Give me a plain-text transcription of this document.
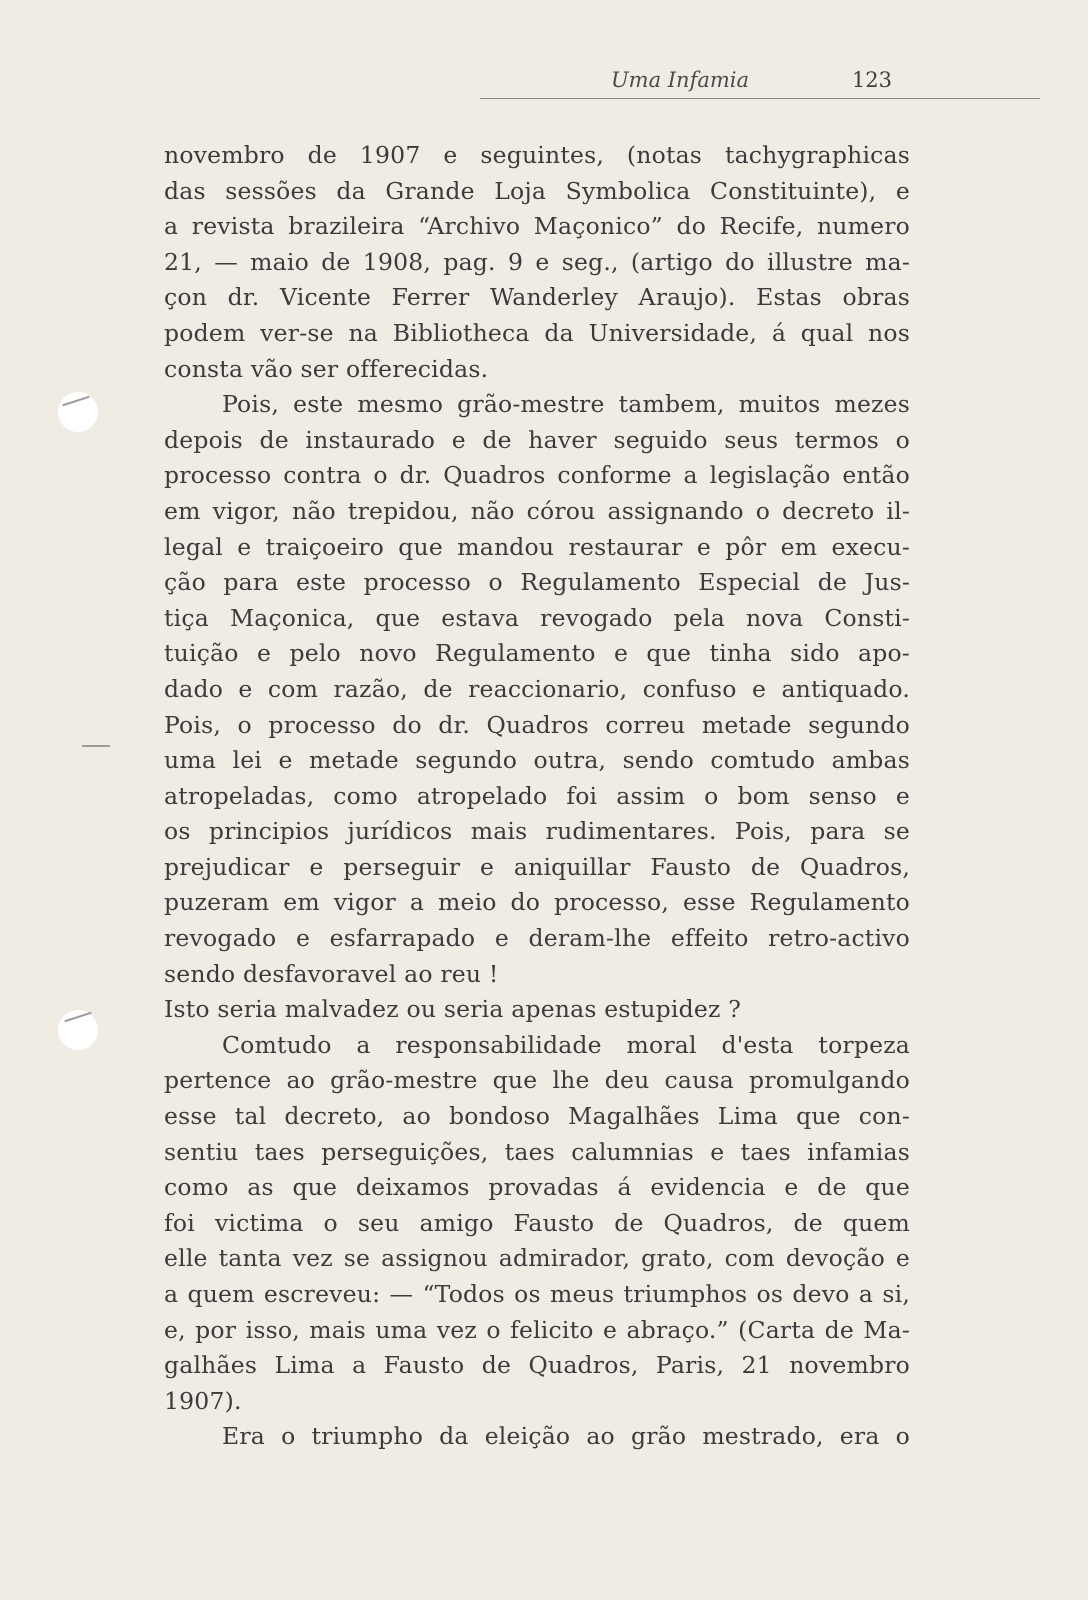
Uma Infamia	123
novembro de 1907 e seguintes, (notas tachygraphicas
das sessões da Grande Loja Symbolica Constituinte), e
a revista brazileira “Archivo Maçonico” do Recife, numero
21, — maio de 1908, pag. 9 e seg., (artigo do illustre ma-
çon dr. Vicente Ferrer Wanderley Araujo). Estas obras
podem ver-se na Bibliotheca da Universidade, á qual nos
consta vão ser offerecidas.
Pois, este mesmo grão-mestre tambem, muitos mezes
depois de instaurado e de haver seguido seus termos o
processo contra o dr. Quadros conforme a legislação então
em vigor, não trepidou, não córou assignando o decreto il-
legal e traiçoeiro que mandou restaurar e pôr em execu-
ção para este processo o Regulamento Especial de Jus-
tiça Maçonica, que estava revogado pela nova Consti-
tuição e pelo novo Regulamento e que tinha sido apo-
dado e com razão, de reaccionario, confuso e antiquado.
Pois, o processo do dr. Quadros correu metade segundo
uma lei e metade segundo outra, sendo comtudo ambas
atropeladas, como atropelado foi assim o bom senso e
os principios jurídicos mais rudimentares. Pois, para se
prejudicar e perseguir e aniquillar Fausto de Quadros,
puzeram em vigor a meio do processo, esse Regulamento
revogado e esfarrapado e deram-lhe effeito retro-activo
sendo desfavoravel ao reu !
Isto seria malvadez ou seria apenas estupidez ?
Comtudo a responsabilidade moral d'esta torpeza
pertence ao grão-mestre que lhe deu causa promulgando
esse tal decreto, ao bondoso Magalhães Lima que con-
sentiu taes perseguições, taes calumnias e taes infamias
como as que deixamos provadas á evidencia e de que
foi victima o seu amigo Fausto de Quadros, de quem
elle tanta vez se assignou admirador, grato, com devoção e
a quem escreveu: — “Todos os meus triumphos os devo a si,
e, por isso, mais uma vez o felicito e abraço.” (Carta de Ma-
galhães Lima a Fausto de Quadros, Paris, 21 novembro
1907).
Era o triumpho da eleição ao grão mestrado, era o
